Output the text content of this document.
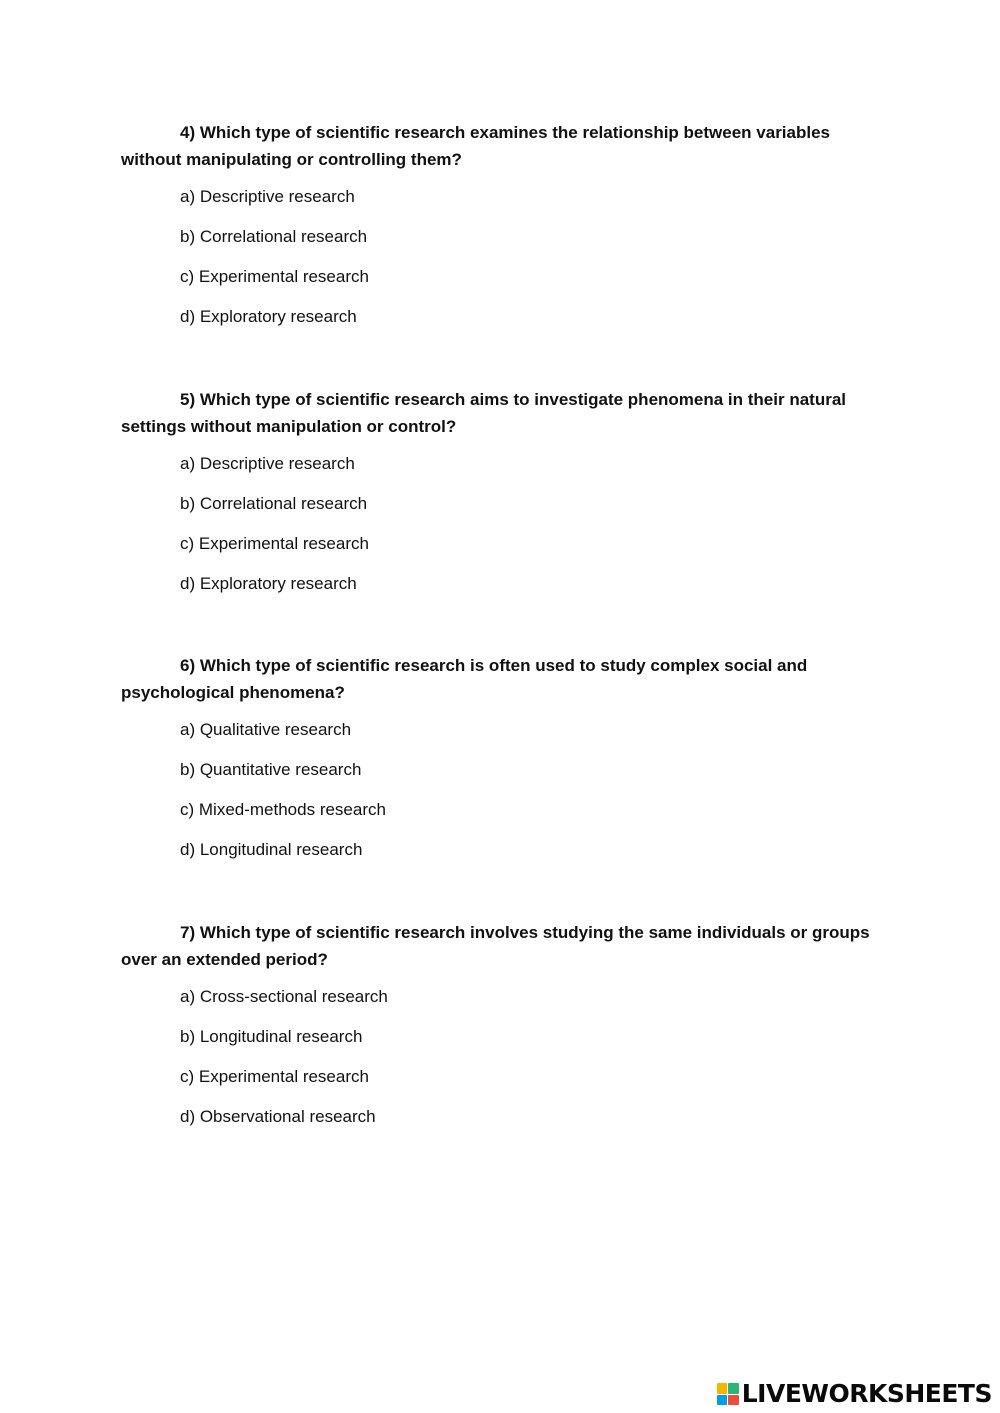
4) Which type of scientific research examines the relationship between variables without manipulating or controlling them?

a) Descriptive research
b) Correlational research
c) Experimental research
d) Exploratory research

5) Which type of scientific research aims to investigate phenomena in their natural settings without manipulation or control?

a) Descriptive research
b) Correlational research
c) Experimental research
d) Exploratory research

6) Which type of scientific research is often used to study complex social and psychological phenomena?

a) Qualitative research
b) Quantitative research
c) Mixed-methods research
d) Longitudinal research

7) Which type of scientific research involves studying the same individuals or groups over an extended period?

a) Cross-sectional research
b) Longitudinal research
c) Experimental research
d) Observational research
LIVEWORKSHEETS
